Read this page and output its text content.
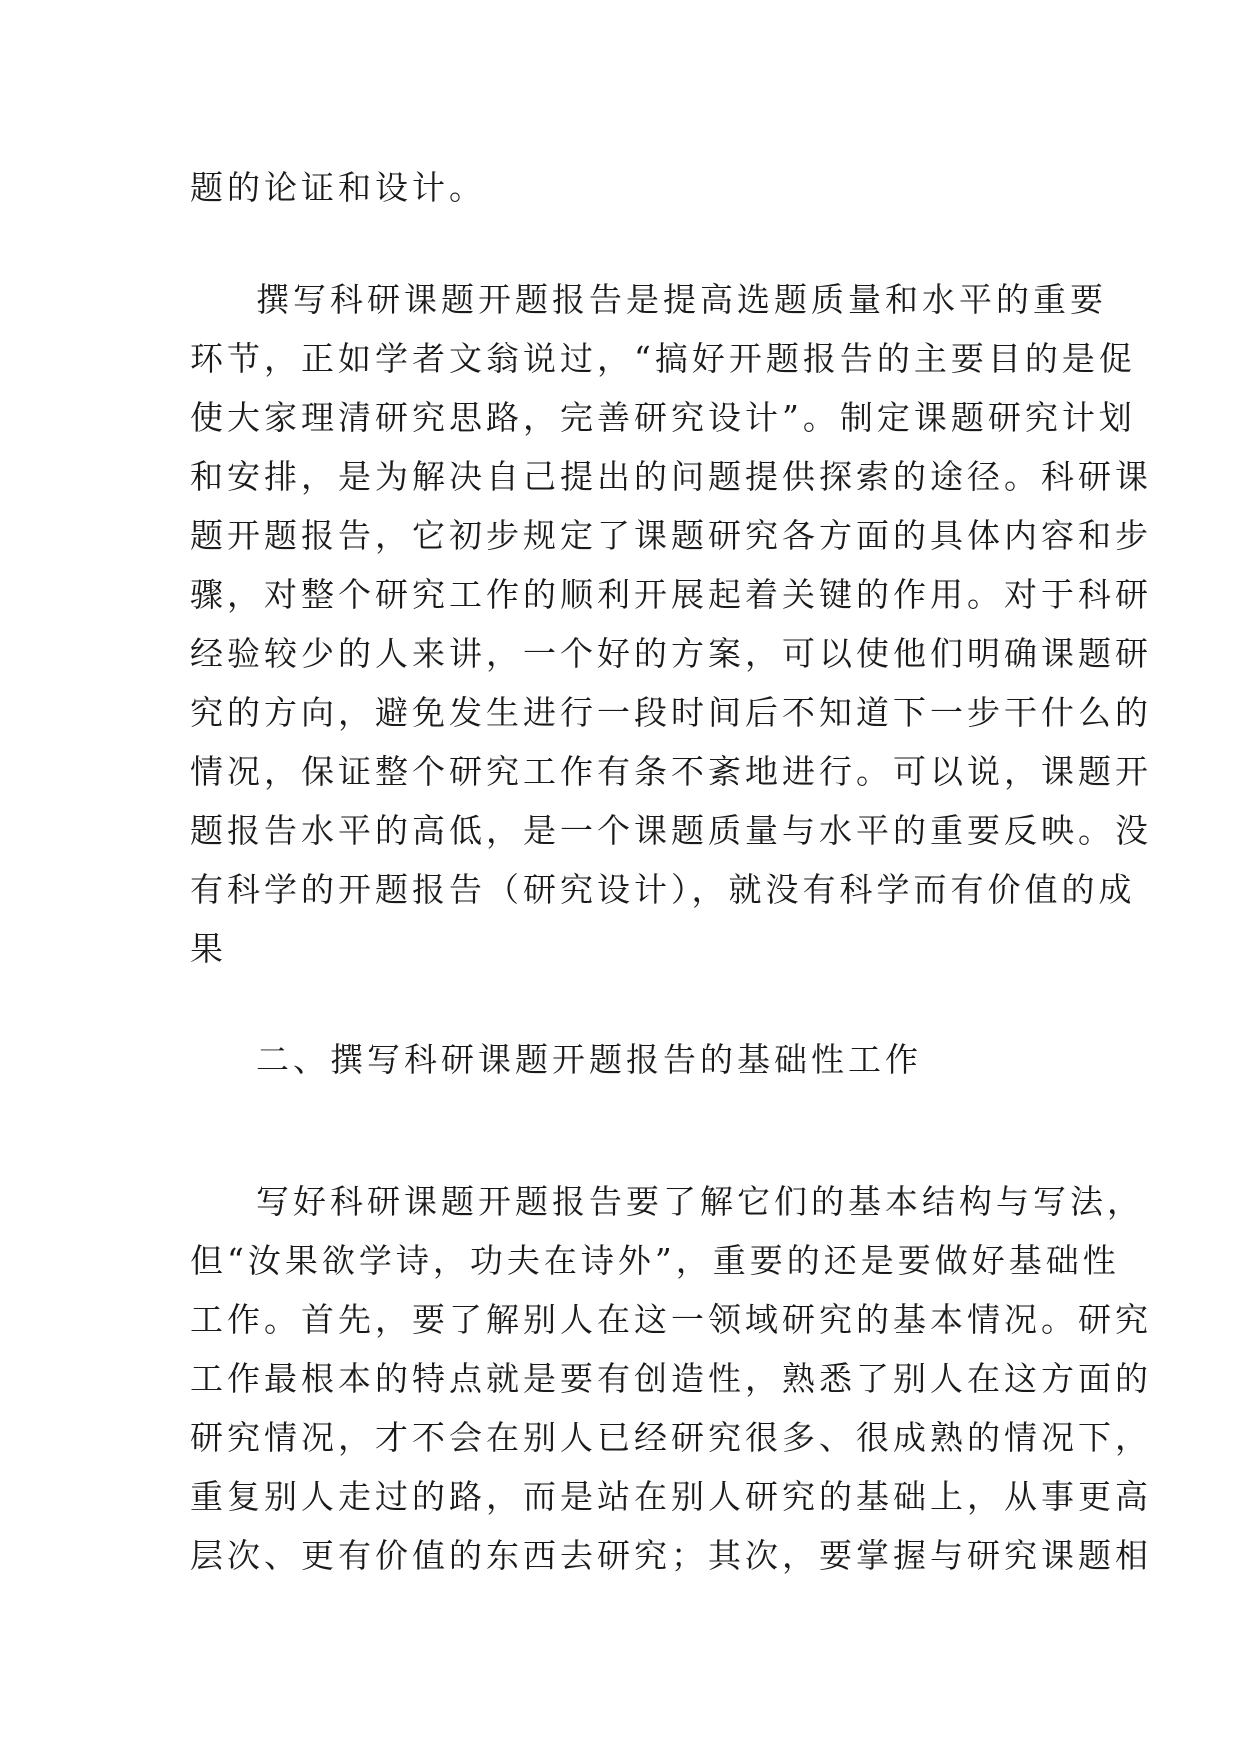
题的论证和设计。
撰写科研课题开题报告是提高选题质量和水平的重要
环节，正如学者文翁说过，“搞好开题报告的主要目的是促
使大家理清研究思路，完善研究设计”。制定课题研究计划
和安排，是为解决自己提出的问题提供探索的途径。科研课
题开题报告，它初步规定了课题研究各方面的具体内容和步
骤，对整个研究工作的顺利开展起着关键的作用。对于科研
经验较少的人来讲，一个好的方案，可以使他们明确课题研
究的方向，避免发生进行一段时间后不知道下一步干什么的
情况，保证整个研究工作有条不紊地进行。可以说，课题开
题报告水平的高低，是一个课题质量与水平的重要反映。没
有科学的开题报告（研究设计），就没有科学而有价值的成
果
二、撰写科研课题开题报告的基础性工作
写好科研课题开题报告要了解它们的基本结构与写法，
但“汝果欲学诗，功夫在诗外”，重要的还是要做好基础性
工作。首先，要了解别人在这一领域研究的基本情况。研究
工作最根本的特点就是要有创造性，熟悉了别人在这方面的
研究情况，才不会在别人已经研究很多、很成熟的情况下，
重复别人走过的路，而是站在别人研究的基础上，从事更高
层次、更有价值的东西去研究；其次，要掌握与研究课题相
